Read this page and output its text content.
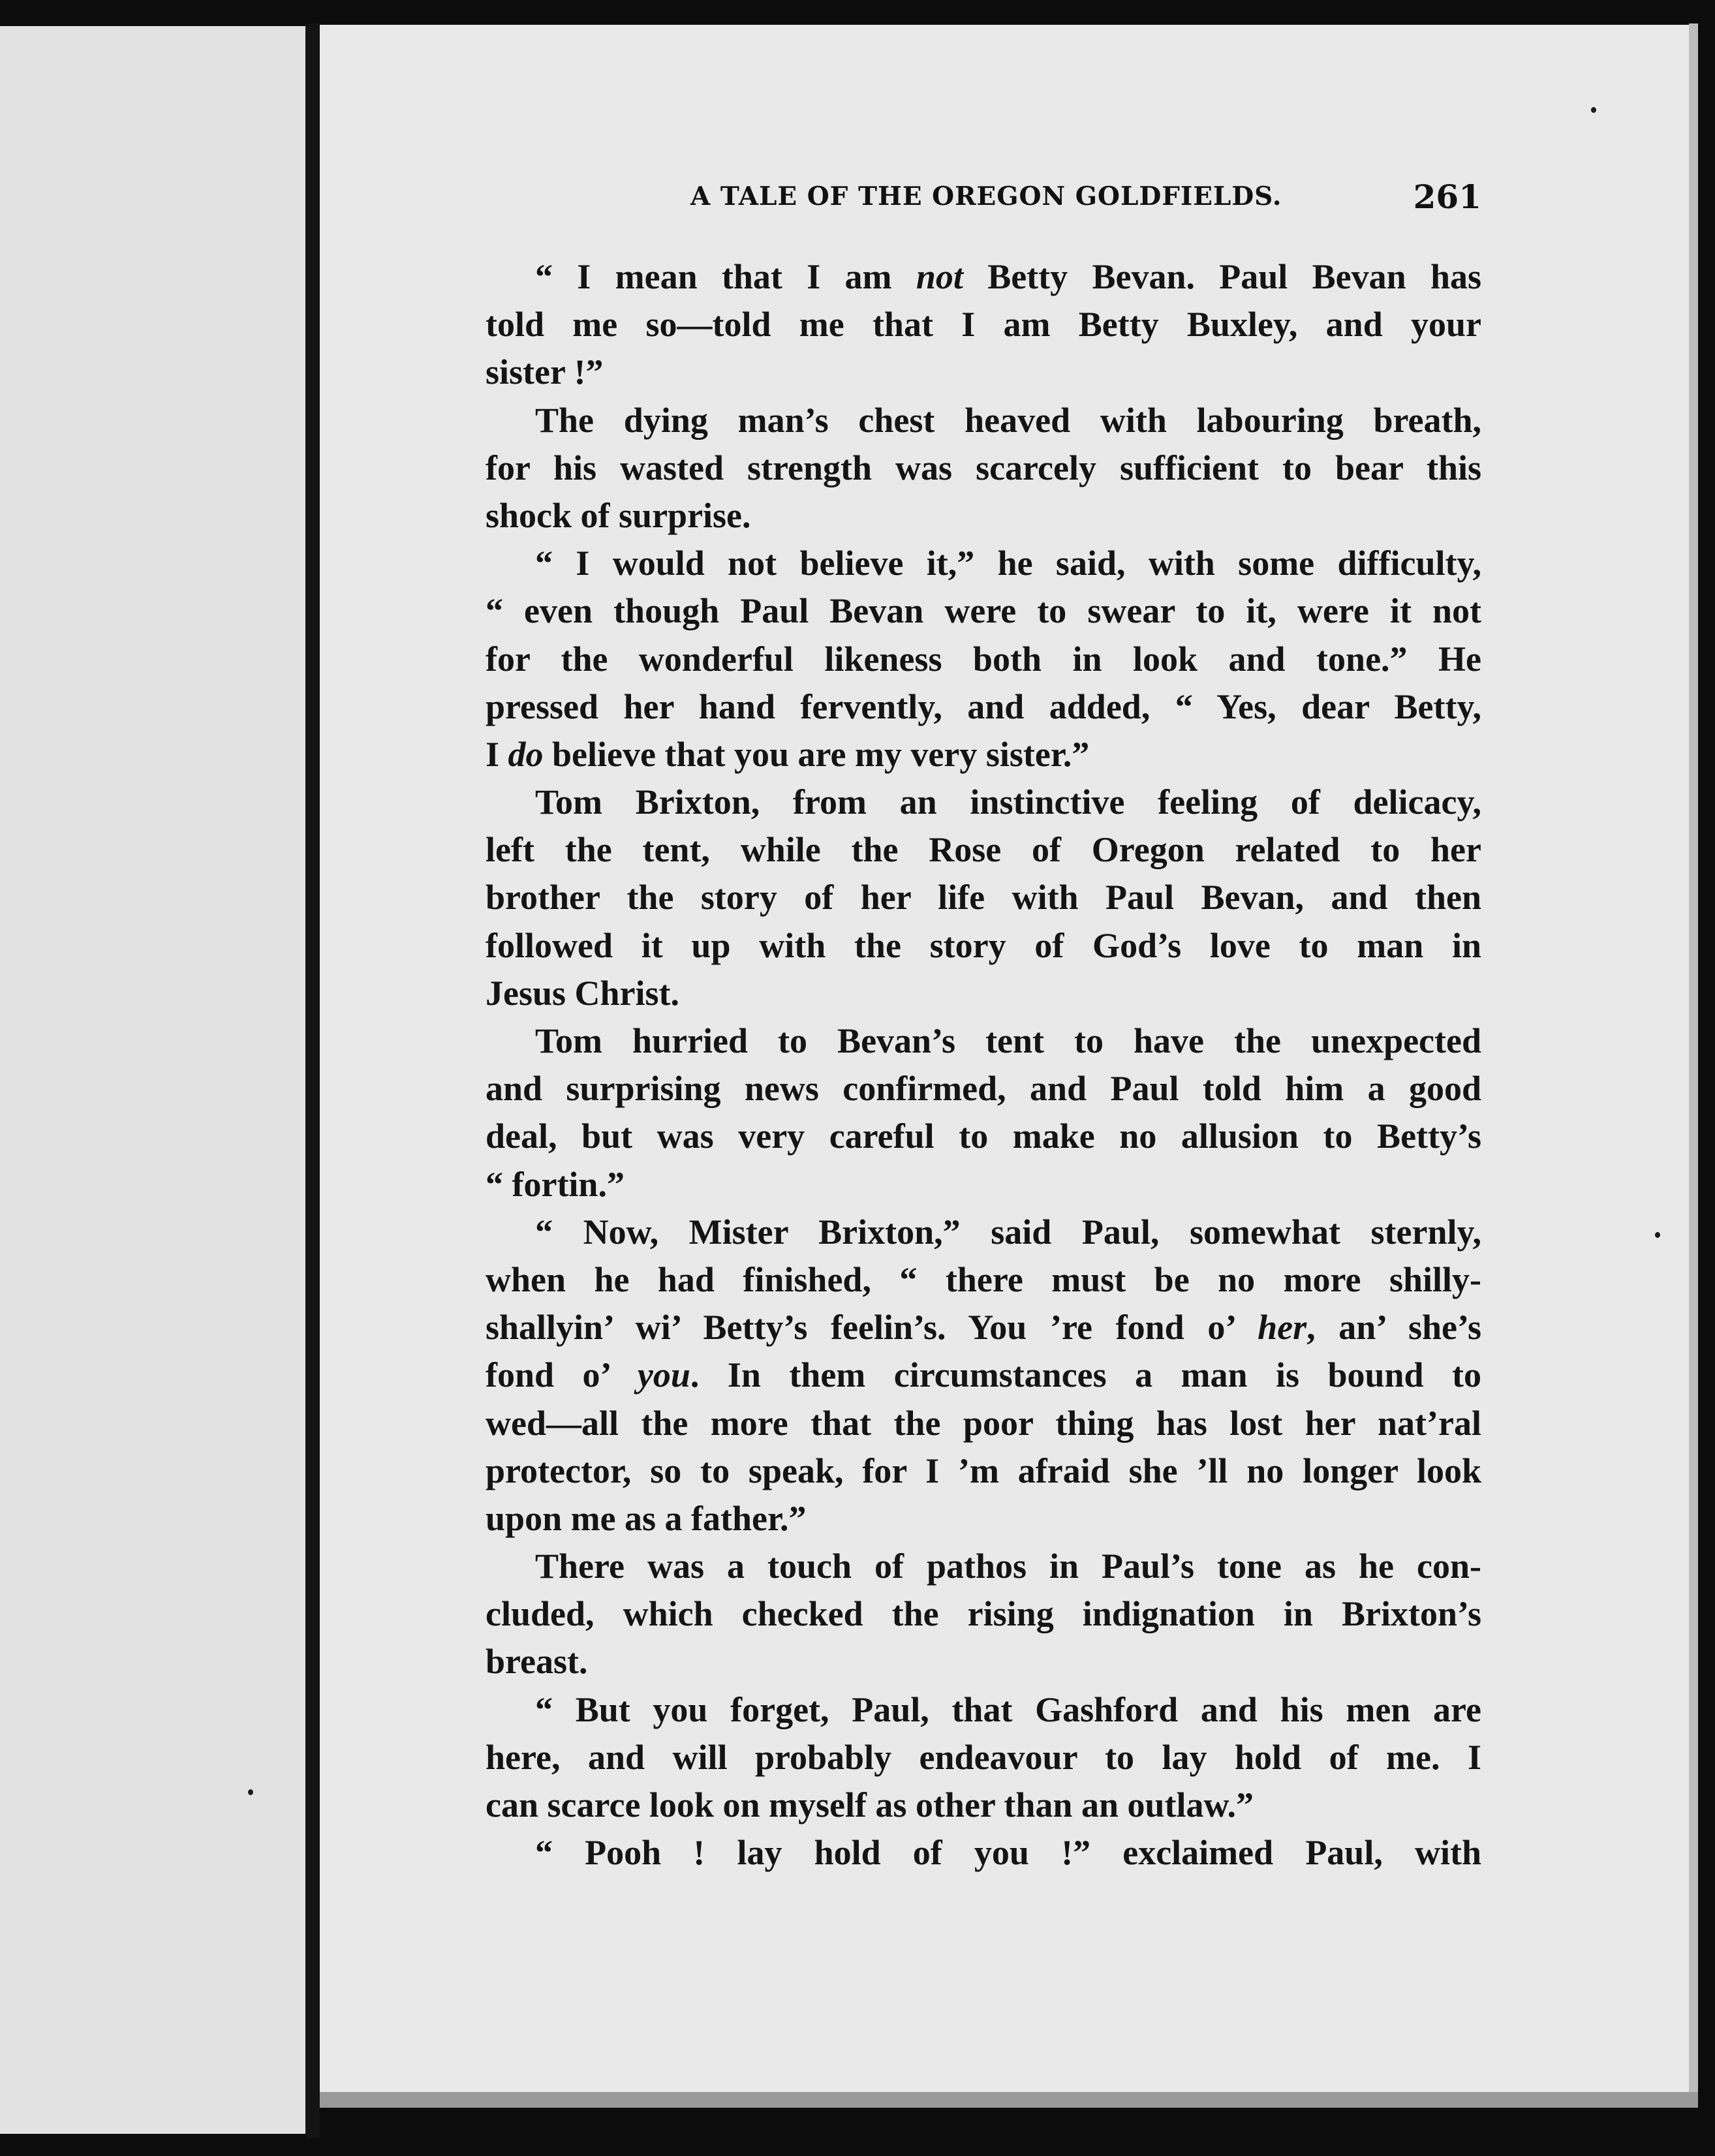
A TALE OF THE OREGON GOLDFIELDS.	261
“ I mean that I am not Betty Bevan. Paul Bevan has
told me so—told me that I am Betty Buxley, and your
sister !”
The dying man’s chest heaved with labouring breath,
for his wasted strength was scarcely sufficient to bear this
shock of surprise.
“ I would not believe it,” he said, with some difficulty,
“ even though Paul Bevan were to swear to it, were it not
for the wonderful likeness both in look and tone.” He
pressed her hand fervently, and added, “ Yes, dear Betty,
I do believe that you are my very sister.”
Tom Brixton, from an instinctive feeling of delicacy,
left the tent, while the Rose of Oregon related to her
brother the story of her life with Paul Bevan, and then
followed it up with the story of God’s love to man in
Jesus Christ.
Tom hurried to Bevan’s tent to have the unexpected
and surprising news confirmed, and Paul told him a good
deal, but was very careful to make no allusion to Betty’s
“ fortin.”
“ Now, Mister Brixton,” said Paul, somewhat sternly,
when he had finished, “ there must be no more shilly-
shallyin’ wi’ Betty’s feelin’s. You ’re fond o’ her, an’ she’s
fond o’ you. In them circumstances a man is bound to
wed—all the more that the poor thing has lost her nat’ral
protector, so to speak, for I ’m afraid she ’ll no longer look
upon me as a father.”
There was a touch of pathos in Paul’s tone as he con-
cluded, which checked the rising indignation in Brixton’s
breast.
“ But you forget, Paul, that Gashford and his men are
here, and will probably endeavour to lay hold of me. I
can scarce look on myself as other than an outlaw.”
“ Pooh ! lay hold of you !” exclaimed Paul, with
